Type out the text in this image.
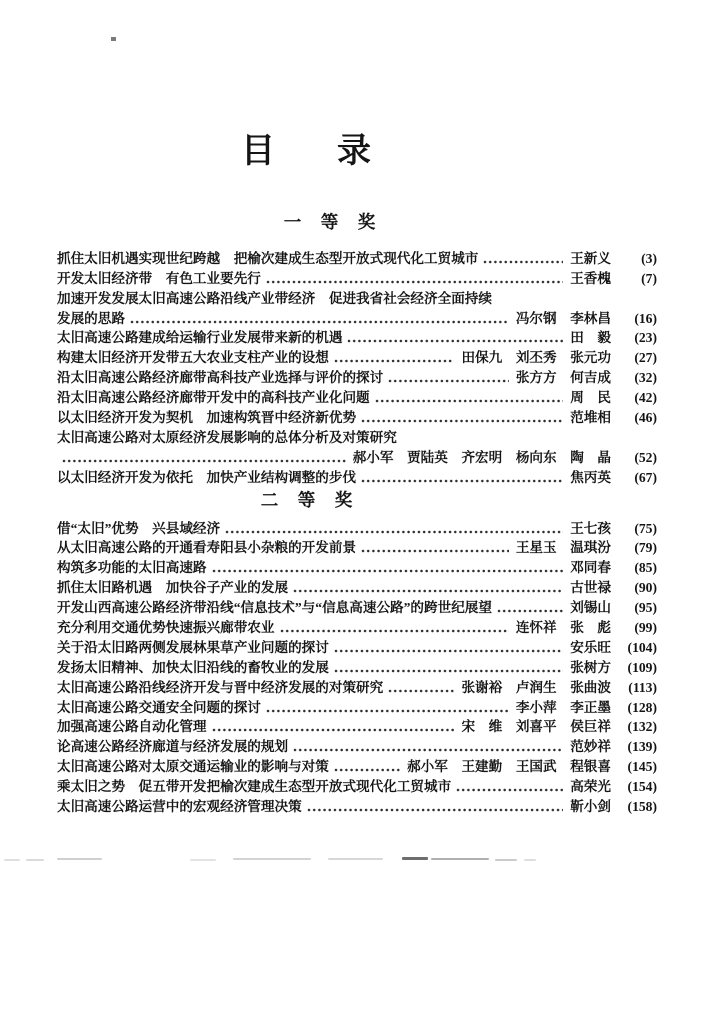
目　录
一　等　奖
抓住太旧机遇实现世纪跨越　把榆次建成生态型开放式现代化工贸城市	王新义	(3)
开发太旧经济带　有色工业要先行	王香槐	(7)
加速开发发展太旧高速公路沿线产业带经济　促进我省社会经济全面持续
发展的思路	冯尔钢　李林昌	(16)
太旧高速公路建成给运输行业发展带来新的机遇	田　毅	(23)
构建太旧经济开发带五大农业支柱产业的设想	田保九　刘丕秀　张元功	(27)
沿太旧高速公路经济廊带高科技产业选择与评价的探讨	张方方　何吉成	(32)
沿太旧高速公路经济廊带开发中的高科技产业化问题	周　民	(42)
以太旧经济开发为契机　加速构筑晋中经济新优势	范堆相	(46)
太旧高速公路对太原经济发展影响的总体分析及对策研究
郝小军　贾陆英　齐宏明　杨向东　陶　晶	(52)
以太旧经济开发为依托　加快产业结构调整的步伐	焦丙英	(67)
二　等　奖
借“太旧”优势　兴县域经济	王七孩	(75)
从太旧高速公路的开通看寿阳县小杂粮的开发前景	王星玉　温琪汾	(79)
构筑多功能的太旧高速路	邓同春	(85)
抓住太旧路机遇　加快谷子产业的发展	古世禄	(90)
开发山西高速公路经济带沿线“信息技术”与“信息高速公路”的跨世纪展望	刘锡山	(95)
充分利用交通优势快速振兴廊带农业	连怀祥　张　彪	(99)
关于沿太旧路两侧发展林果草产业问题的探讨	安乐旺	(104)
发扬太旧精神、加快太旧沿线的畜牧业的发展	张树方	(109)
太旧高速公路沿线经济开发与晋中经济发展的对策研究	张谢裕　卢润生　张曲波	(113)
太旧高速公路交通安全问题的探讨	李小萍　李正墨	(128)
加强高速公路自动化管理	宋　维　刘喜平　侯巨祥	(132)
论高速公路经济廊道与经济发展的规划	范妙祥	(139)
太旧高速公路对太原交通运输业的影响与对策	郝小军　王建勤　王国武　程银喜	(145)
乘太旧之势　促五带开发把榆次建成生态型开放式现代化工贸城市	高荣光	(154)
太旧高速公路运营中的宏观经济管理决策	靳小剑	(158)
